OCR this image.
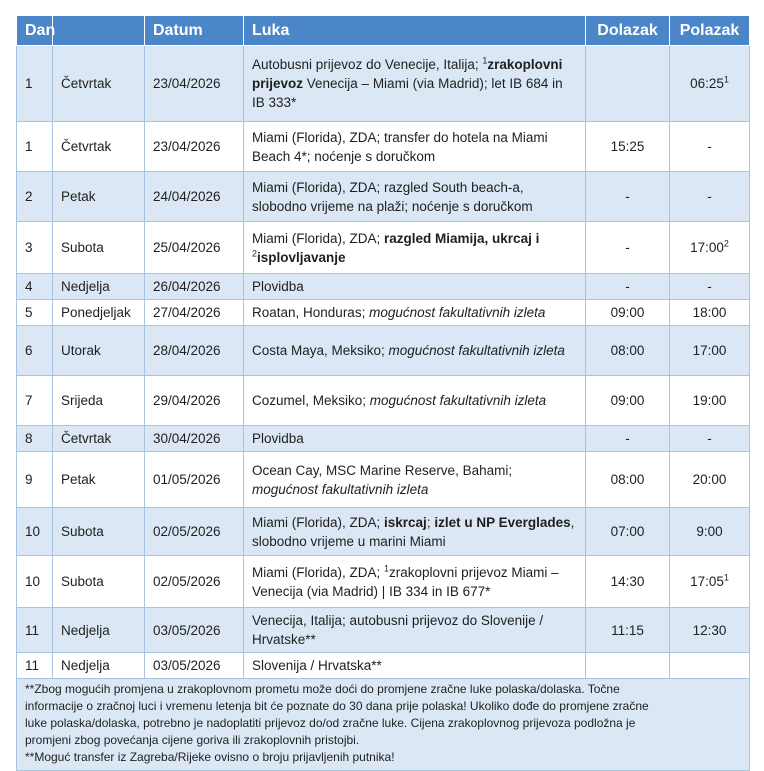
Dan		Datum	Luka	Dolazak	Polazak
1	Četvrtak	23/04/2026	Autobusni prijevoz do Venecije, Italija; $^1$zrakoplovni prijevoz Venecija – Miami (via Madrid); let IB 684 in IB 333*		$06:25^1$
1	Četvrtak	23/04/2026	Miami (Florida), ZDA; transfer do hotela na Miami Beach 4*; noćenje s doručkom	15:25	-
2	Petak	24/04/2026	Miami (Florida), ZDA; razgled South beach-a, slobodno vrijeme na plaži; noćenje s doručkom	-	-
3	Subota	25/04/2026	Miami (Florida), ZDA; razgled Miamija, ukrcaj i $^2$isplovljavanje	-	$17:00^2$
4	Nedjelja	26/04/2026	Plovidba	-	-
5	Ponedjeljak	27/04/2026	Roatan, Honduras; mogućnost fakultativnih izleta	09:00	18:00
6	Utorak	28/04/2026	Costa Maya, Meksiko; mogućnost fakultativnih izleta	08:00	17:00
7	Srijeda	29/04/2026	Cozumel, Meksiko; mogućnost fakultativnih izleta	09:00	19:00
8	Četvrtak	30/04/2026	Plovidba	-	-
9	Petak	01/05/2026	Ocean Cay, MSC Marine Reserve, Bahami; mogućnost fakultativnih izleta	08:00	20:00
10	Subota	02/05/2026	Miami (Florida), ZDA; iskrcaj; izlet u NP Everglades, slobodno vrijeme u marini Miami	07:00	9:00
10	Subota	02/05/2026	Miami (Florida), ZDA; $^1$zrakoplovni prijevoz Miami – Venecija (via Madrid) | IB 334 in IB 677*	14:30	$17:05^1$
11	Nedjelja	03/05/2026	Venecija, Italija; autobusni prijevoz do Slovenije / Hrvatske**	11:15	12:30
11	Nedjelja	03/05/2026	Slovenija / Hrvatska**		

**Zbog mogućih promjena u zrakoplovnom prometu može doći do promjene zračne luke polaska/dolaska. Točne
informacije o zračnoj luci i vremenu letenja bit će poznate do 30 dana prije polaska! Ukoliko dođe do promjene zračne
luke polaska/dolaska, potrebno je nadoplatiti prijevoz do/od zračne luke. Cijena zrakoplovnog prijevoza podložna je
promjeni zbog povećanja cijene goriva ili zrakoplovnih pristojbi.
**Moguć transfer iz Zagreba/Rijeke ovisno o broju prijavljenih putnika!					
